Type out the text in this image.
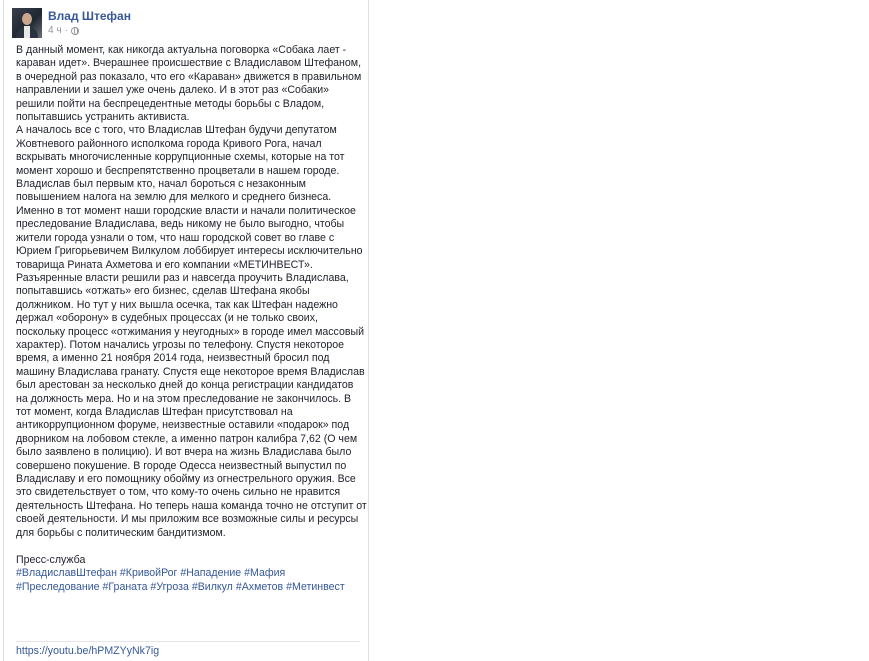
Влад Штефан
4 ч ·

В данный момент, как никогда актуальна поговорка «Собака лает - караван идет». Вчерашнее происшествие с Владиславом Штефаном, в очередной раз показало, что его «Караван» движется в правильном направлении и зашел уже очень далеко. И в этот раз «Собаки» решили пойти на беспрецедентные методы борьбы с Владом, попытавшись устранить активиста.

А началось все с того, что Владислав Штефан будучи депутатом Жовтневого районного исполкома города Кривого Рога, начал вскрывать многочисленные коррупционные схемы, которые на тот момент хорошо и беспрепятственно процветали в нашем городе. Владислав был первым кто, начал бороться с незаконным повышением налога на землю для мелкого и среднего бизнеса. Именно в тот момент наши городские власти и начали политическое преследование Владислава, ведь никому не было выгодно, чтобы жители города узнали о том, что наш городской совет во главе с Юрием Григорьевичем Вилкулом лоббирует интересы исключительно товарища Рината Ахметова и его компании «МЕТИНВЕСТ». Разъяренные власти решили раз и навсегда проучить Владислава, попытавшись «отжать» его бизнес, сделав Штефана якобы должником. Но тут у них вышла осечка, так как Штефан надежно держал «оборону» в судебных процессах (и не только своих, поскольку процесс «отжимания у неугодных» в городе имел массовый характер). Потом начались угрозы по телефону. Спустя некоторое время, а именно 21 ноября 2014 года, неизвестный бросил под машину Владислава гранату. Спустя еще некоторое время Владислав был арестован за несколько дней до конца регистрации кандидатов на должность мера. Но и на этом преследование не закончилось. В тот момент, когда Владислав Штефан присутствовал на антикоррупционном форуме, неизвестные оставили «подарок» под дворником на лобовом стекле, а именно патрон калибра 7,62 (О чем было заявлено в полицию). И вот вчера на жизнь Владислава было совершено покушение. В городе Одесса неизвестный выпустил по Владиславу и его помощнику обойму из огнестрельного оружия. Все это свидетельствует о том, что кому-то очень сильно не нравится деятельность Штефана. Но теперь наша команда точно не отступит от своей деятельности. И мы приложим все возможные силы и ресурсы для борьбы с политическим бандитизмом.

Пресс-служба

#ВладиславШтефан #КривойРог #Нападение #Мафия #Преследование #Граната #Угроза #Вилкул #Ахметов #Метинвест

https://youtu.be/hPMZYyNk7ig
